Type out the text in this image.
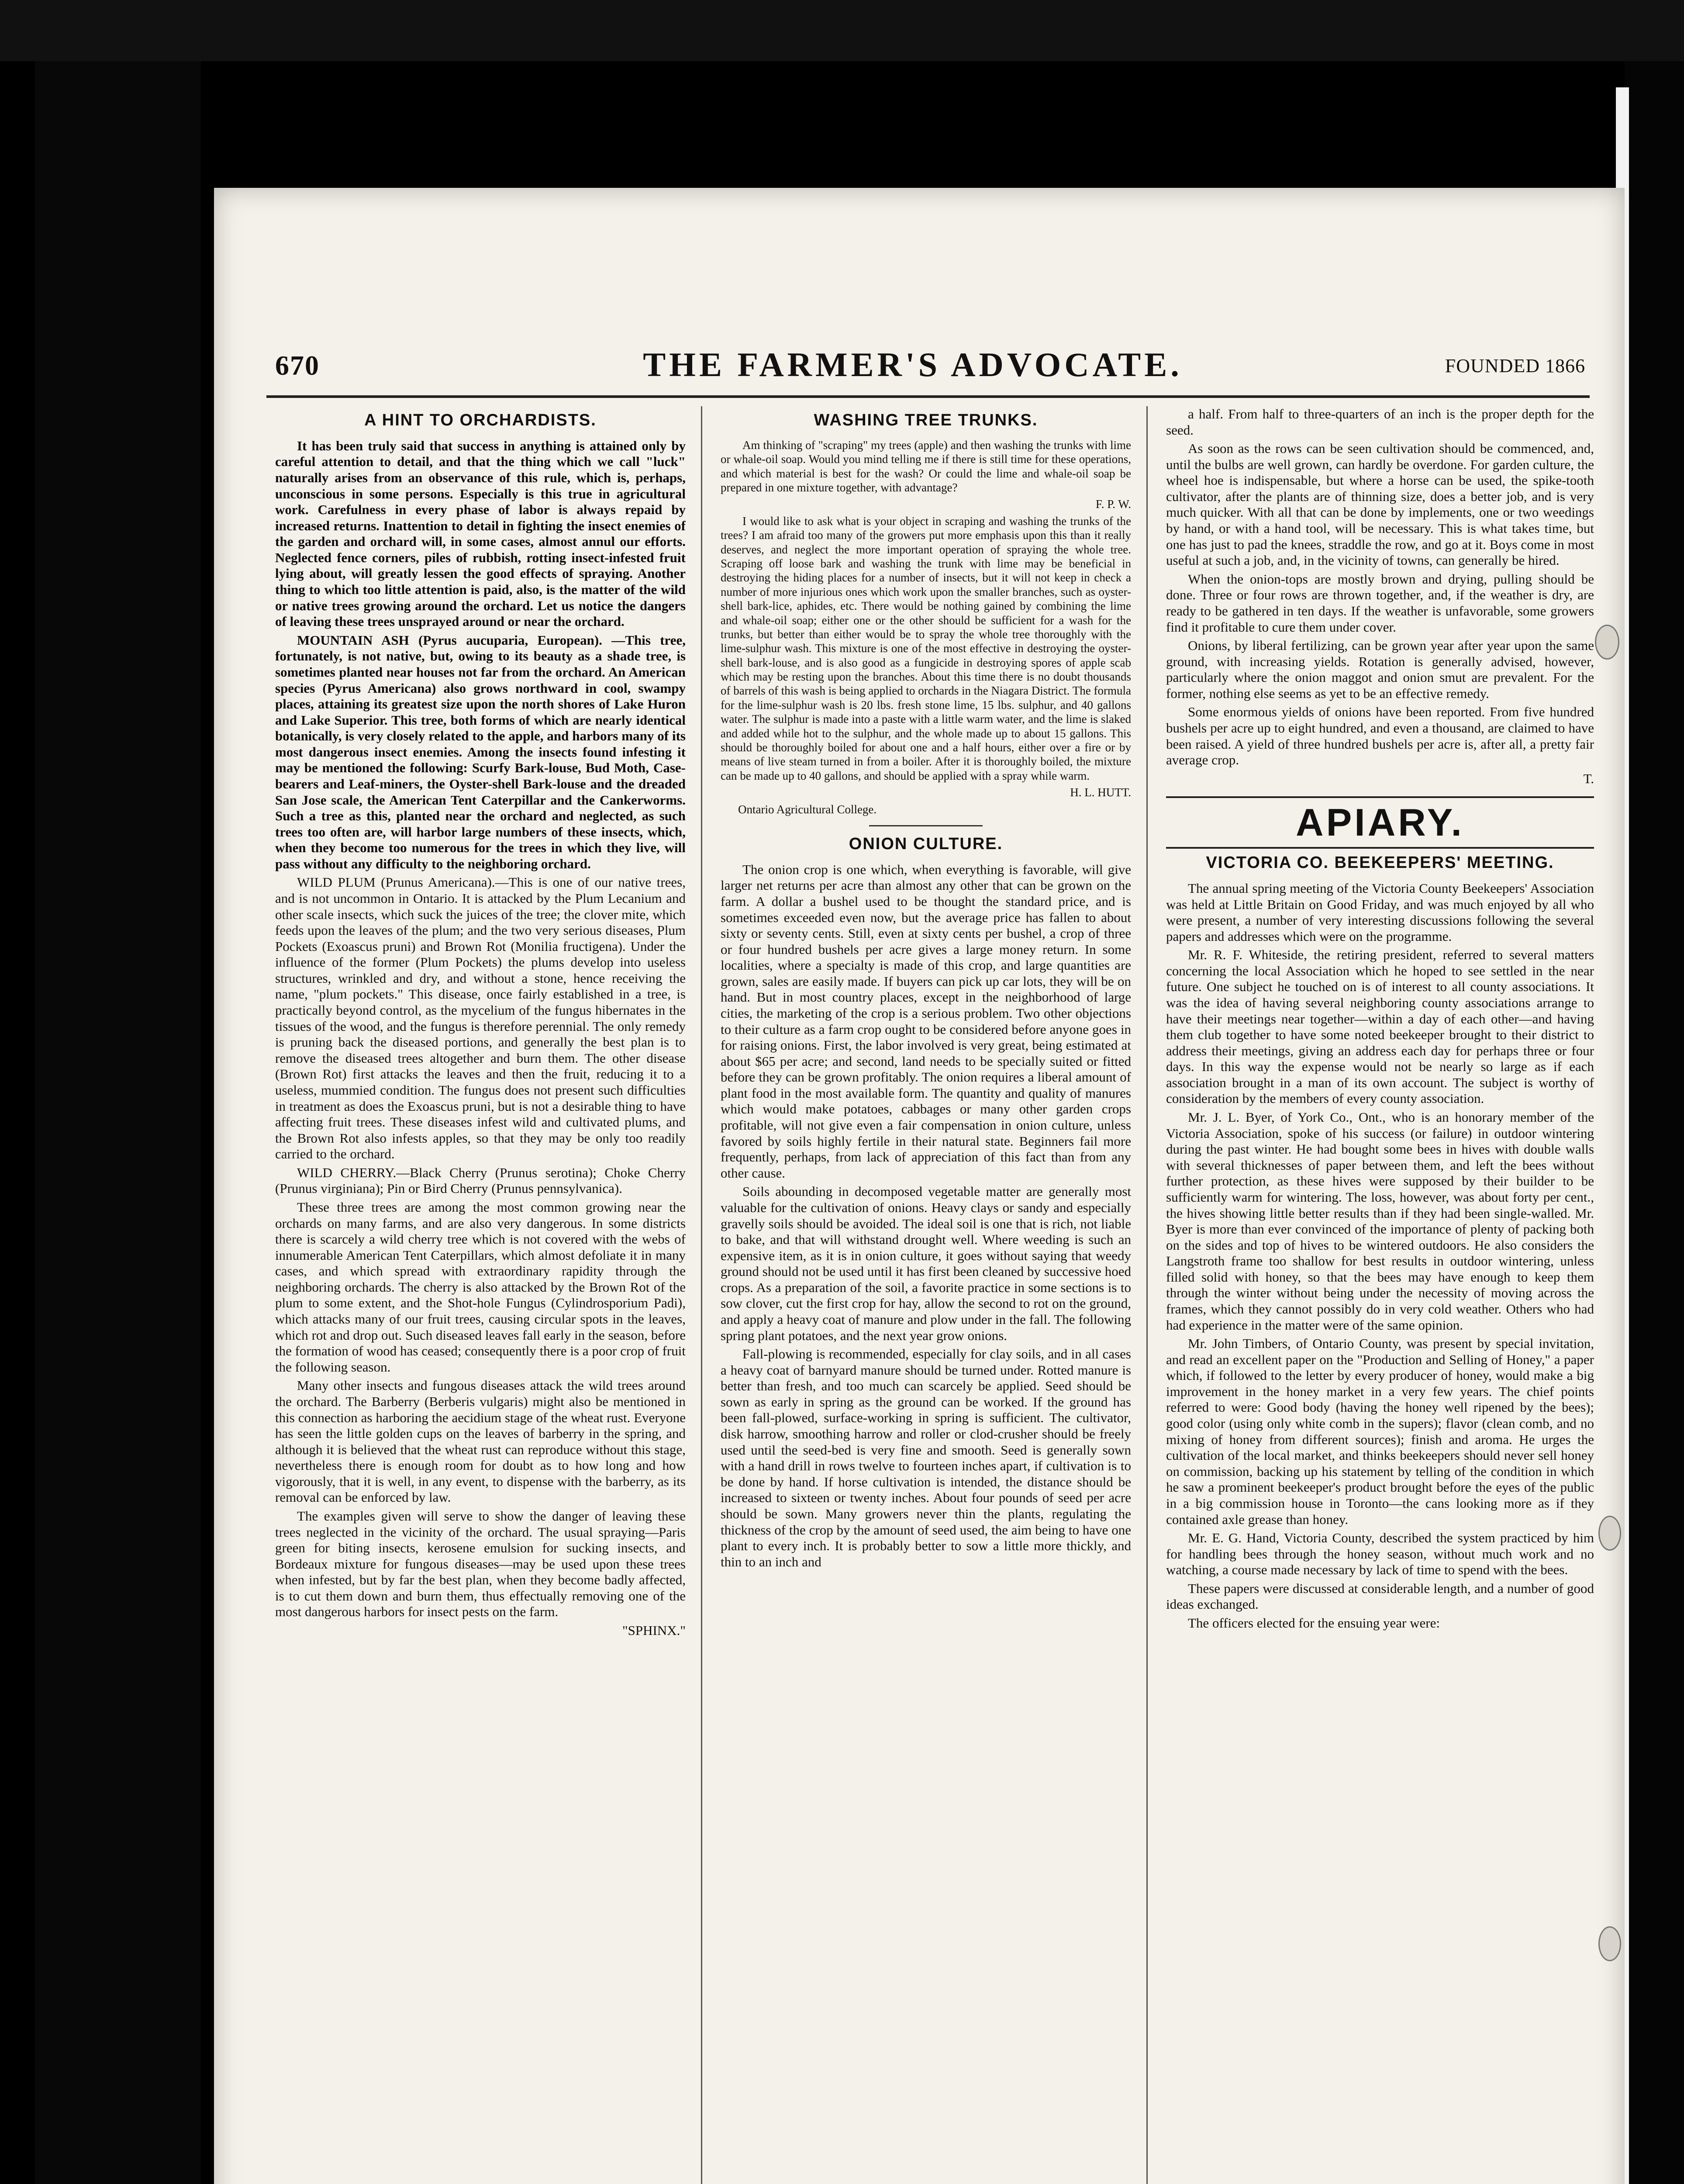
670	THE FARMER'S ADVOCATE.	FOUNDED 1866
A HINT TO ORCHARDISTS.

It has been truly said that success in anything is attained only by careful attention to detail, and that the thing which we call "luck" naturally arises from an observance of this rule, which is, perhaps, unconscious in some persons. Especially is this true in agricultural work. Carefulness in every phase of labor is always repaid by increased returns. Inattention to detail in fighting the insect enemies of the garden and orchard will, in some cases, almost annul our efforts. Neglected fence corners, piles of rubbish, rotting insect-infested fruit lying about, will greatly lessen the good effects of spraying. Another thing to which too little attention is paid, also, is the matter of the wild or native trees growing around the orchard. Let us notice the dangers of leaving these trees unsprayed around or near the orchard.

MOUNTAIN ASH (Pyrus aucuparia, European). —This tree, fortunately, is not native, but, owing to its beauty as a shade tree, is sometimes planted near houses not far from the orchard. An American species (Pyrus Americana) also grows northward in cool, swampy places, attaining its greatest size upon the north shores of Lake Huron and Lake Superior. This tree, both forms of which are nearly identical botanically, is very closely related to the apple, and harbors many of its most dangerous insect enemies. Among the insects found infesting it may be mentioned the following: Scurfy Bark-louse, Bud Moth, Case-bearers and Leaf-miners, the Oyster-shell Bark-louse and the dreaded San Jose scale, the American Tent Caterpillar and the Cankerworms. Such a tree as this, planted near the orchard and neglected, as such trees too often are, will harbor large numbers of these insects, which, when they become too numerous for the trees in which they live, will pass without any difficulty to the neighboring orchard.

WILD PLUM (Prunus Americana).—This is one of our native trees, and is not uncommon in Ontario. It is attacked by the Plum Lecanium and other scale insects, which suck the juices of the tree; the clover mite, which feeds upon the leaves of the plum; and the two very serious diseases, Plum Pockets (Exoascus pruni) and Brown Rot (Monilia fructigena). Under the influence of the former (Plum Pockets) the plums develop into useless structures, wrinkled and dry, and without a stone, hence receiving the name, "plum pockets." This disease, once fairly established in a tree, is practically beyond control, as the mycelium of the fungus hibernates in the tissues of the wood, and the fungus is therefore perennial. The only remedy is pruning back the diseased portions, and generally the best plan is to remove the diseased trees altogether and burn them. The other disease (Brown Rot) first attacks the leaves and then the fruit, reducing it to a useless, mummied condition. The fungus does not present such difficulties in treatment as does the Exoascus pruni, but is not a desirable thing to have affecting fruit trees. These diseases infest wild and cultivated plums, and the Brown Rot also infests apples, so that they may be only too readily carried to the orchard.

WILD CHERRY.—Black Cherry (Prunus serotina); Choke Cherry (Prunus virginiana); Pin or Bird Cherry (Prunus pennsylvanica).

These three trees are among the most common growing near the orchards on many farms, and are also very dangerous. In some districts there is scarcely a wild cherry tree which is not covered with the webs of innumerable American Tent Caterpillars, which almost defoliate it in many cases, and which spread with extraordinary rapidity through the neighboring orchards. The cherry is also attacked by the Brown Rot of the plum to some extent, and the Shot-hole Fungus (Cylindrosporium Padi), which attacks many of our fruit trees, causing circular spots in the leaves, which rot and drop out. Such diseased leaves fall early in the season, before the formation of wood has ceased; consequently there is a poor crop of fruit the following season.

Many other insects and fungous diseases attack the wild trees around the orchard. The Barberry (Berberis vulgaris) might also be mentioned in this connection as harboring the aecidium stage of the wheat rust. Everyone has seen the little golden cups on the leaves of barberry in the spring, and although it is believed that the wheat rust can reproduce without this stage, nevertheless there is enough room for doubt as to how long and how vigorously, that it is well, in any event, to dispense with the barberry, as its removal can be enforced by law.

The examples given will serve to show the danger of leaving these trees neglected in the vicinity of the orchard. The usual spraying—Paris green for biting insects, kerosene emulsion for sucking insects, and Bordeaux mixture for fungous diseases—may be used upon these trees when infested, but by far the best plan, when they become badly affected, is to cut them down and burn them, thus effectually removing one of the most dangerous harbors for insect pests on the farm.

"SPHINX."

WASHING TREE TRUNKS.

Am thinking of "scraping" my trees (apple) and then washing the trunks with lime or whale-oil soap. Would you mind telling me if there is still time for these operations, and which material is best for the wash? Or could the lime and whale-oil soap be prepared in one mixture together, with advantage?

F. P. W.

I would like to ask what is your object in scraping and washing the trunks of the trees? I am afraid too many of the growers put more emphasis upon this than it really deserves, and neglect the more important operation of spraying the whole tree. Scraping off loose bark and washing the trunk with lime may be beneficial in destroying the hiding places for a number of insects, but it will not keep in check a number of more injurious ones which work upon the smaller branches, such as oyster-shell bark-lice, aphides, etc. There would be nothing gained by combining the lime and whale-oil soap; either one or the other should be sufficient for a wash for the trunks, but better than either would be to spray the whole tree thoroughly with the lime-sulphur wash. This mixture is one of the most effective in destroying the oyster-shell bark-louse, and is also good as a fungicide in destroying spores of apple scab which may be resting upon the branches. About this time there is no doubt thousands of barrels of this wash is being applied to orchards in the Niagara District. The formula for the lime-sulphur wash is 20 lbs. fresh stone lime, 15 lbs. sulphur, and 40 gallons water. The sulphur is made into a paste with a little warm water, and the lime is slaked and added while hot to the sulphur, and the whole made up to about 15 gallons. This should be thoroughly boiled for about one and a half hours, either over a fire or by means of live steam turned in from a boiler. After it is thoroughly boiled, the mixture can be made up to 40 gallons, and should be applied with a spray while warm.

H. L. HUTT.

Ontario Agricultural College.

ONION CULTURE.

The onion crop is one which, when everything is favorable, will give larger net returns per acre than almost any other that can be grown on the farm. A dollar a bushel used to be thought the standard price, and is sometimes exceeded even now, but the average price has fallen to about sixty or seventy cents. Still, even at sixty cents per bushel, a crop of three or four hundred bushels per acre gives a large money return. In some localities, where a specialty is made of this crop, and large quantities are grown, sales are easily made. If buyers can pick up car lots, they will be on hand. But in most country places, except in the neighborhood of large cities, the marketing of the crop is a serious problem. Two other objections to their culture as a farm crop ought to be considered before anyone goes in for raising onions. First, the labor involved is very great, being estimated at about $65 per acre; and second, land needs to be specially suited or fitted before they can be grown profitably. The onion requires a liberal amount of plant food in the most available form. The quantity and quality of manures which would make potatoes, cabbages or many other garden crops profitable, will not give even a fair compensation in onion culture, unless favored by soils highly fertile in their natural state. Beginners fail more frequently, perhaps, from lack of appreciation of this fact than from any other cause.

Soils abounding in decomposed vegetable matter are generally most valuable for the cultivation of onions. Heavy clays or sandy and especially gravelly soils should be avoided. The ideal soil is one that is rich, not liable to bake, and that will withstand drought well. Where weeding is such an expensive item, as it is in onion culture, it goes without saying that weedy ground should not be used until it has first been cleaned by successive hoed crops. As a preparation of the soil, a favorite practice in some sections is to sow clover, cut the first crop for hay, allow the second to rot on the ground, and apply a heavy coat of manure and plow under in the fall. The following spring plant potatoes, and the next year grow onions.

Fall-plowing is recommended, especially for clay soils, and in all cases a heavy coat of barnyard manure should be turned under. Rotted manure is better than fresh, and too much can scarcely be applied. Seed should be sown as early in spring as the ground can be worked. If the ground has been fall-plowed, surface-working in spring is sufficient. The cultivator, disk harrow, smoothing harrow and roller or clod-crusher should be freely used until the seed-bed is very fine and smooth. Seed is generally sown with a hand drill in rows twelve to fourteen inches apart, if cultivation is to be done by hand. If horse cultivation is intended, the distance should be increased to sixteen or twenty inches. About four pounds of seed per acre should be sown. Many growers never thin the plants, regulating the thickness of the crop by the amount of seed used, the aim being to have one plant to every inch. It is probably better to sow a little more thickly, and thin to an inch and

a half. From half to three-quarters of an inch is the proper depth for the seed.

As soon as the rows can be seen cultivation should be commenced, and, until the bulbs are well grown, can hardly be overdone. For garden culture, the wheel hoe is indispensable, but where a horse can be used, the spike-tooth cultivator, after the plants are of thinning size, does a better job, and is very much quicker. With all that can be done by implements, one or two weedings by hand, or with a hand tool, will be necessary. This is what takes time, but one has just to pad the knees, straddle the row, and go at it. Boys come in most useful at such a job, and, in the vicinity of towns, can generally be hired.

When the onion-tops are mostly brown and drying, pulling should be done. Three or four rows are thrown together, and, if the weather is dry, are ready to be gathered in ten days. If the weather is unfavorable, some growers find it profitable to cure them under cover.

Onions, by liberal fertilizing, can be grown year after year upon the same ground, with increasing yields. Rotation is generally advised, however, particularly where the onion maggot and onion smut are prevalent. For the former, nothing else seems as yet to be an effective remedy.

Some enormous yields of onions have been reported. From five hundred bushels per acre up to eight hundred, and even a thousand, are claimed to have been raised. A yield of three hundred bushels per acre is, after all, a pretty fair average crop.

T.

APIARY.
VICTORIA CO. BEEKEEPERS' MEETING.

The annual spring meeting of the Victoria County Beekeepers' Association was held at Little Britain on Good Friday, and was much enjoyed by all who were present, a number of very interesting discussions following the several papers and addresses which were on the programme.

Mr. R. F. Whiteside, the retiring president, referred to several matters concerning the local Association which he hoped to see settled in the near future. One subject he touched on is of interest to all county associations. It was the idea of having several neighboring county associations arrange to have their meetings near together—within a day of each other—and having them club together to have some noted beekeeper brought to their district to address their meetings, giving an address each day for perhaps three or four days. In this way the expense would not be nearly so large as if each association brought in a man of its own account. The subject is worthy of consideration by the members of every county association.

Mr. J. L. Byer, of York Co., Ont., who is an honorary member of the Victoria Association, spoke of his success (or failure) in outdoor wintering during the past winter. He had bought some bees in hives with double walls with several thicknesses of paper between them, and left the bees without further protection, as these hives were supposed by their builder to be sufficiently warm for wintering. The loss, however, was about forty per cent., the hives showing little better results than if they had been single-walled. Mr. Byer is more than ever convinced of the importance of plenty of packing both on the sides and top of hives to be wintered outdoors. He also considers the Langstroth frame too shallow for best results in outdoor wintering, unless filled solid with honey, so that the bees may have enough to keep them through the winter without being under the necessity of moving across the frames, which they cannot possibly do in very cold weather. Others who had had experience in the matter were of the same opinion.

Mr. John Timbers, of Ontario County, was present by special invitation, and read an excellent paper on the "Production and Selling of Honey," a paper which, if followed to the letter by every producer of honey, would make a big improvement in the honey market in a very few years. The chief points referred to were: Good body (having the honey well ripened by the bees); good color (using only white comb in the supers); flavor (clean comb, and no mixing of honey from different sources); finish and aroma. He urges the cultivation of the local market, and thinks beekeepers should never sell honey on commission, backing up his statement by telling of the condition in which he saw a prominent beekeeper's product brought before the eyes of the public in a big commission house in Toronto—the cans looking more as if they contained axle grease than honey.

Mr. E. G. Hand, Victoria County, described the system practiced by him for handling bees through the honey season, without much work and no watching, a course made necessary by lack of time to spend with the bees.

These papers were discussed at considerable length, and a number of good ideas exchanged.

The officers elected for the ensuing year were:
